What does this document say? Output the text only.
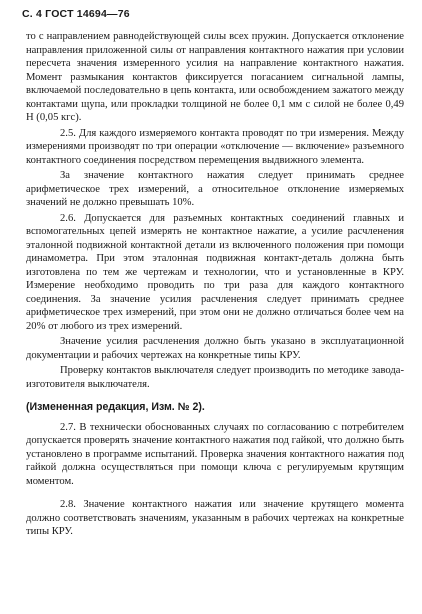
С. 4 ГОСТ 14694—76

то с направлением равнодействующей силы всех пружин. Допускается отклонение направления приложенной силы от направления контактного нажатия при условии пересчета значения измеренного усилия на направление контактного нажатия. Момент размыкания контактов фиксируется погасанием сигнальной лампы, включаемой последовательно в цепь контакта, или освобождением зажатого между контактами щупа, или прокладки толщиной не более 0,1 мм с силой не более 0,49 Н (0,05 кгс).

2.5. Для каждого измеряемого контакта проводят по три измерения. Между измерениями производят по три операции «отключение — включение» разъемного контактного соединения посредством перемещения выдвижного элемента.

За значение контактного нажатия следует принимать среднее арифметическое трех измерений, а относительное отклонение измеряемых значений не должно превышать 10%.

2.6. Допускается для разъемных контактных соединений главных и вспомогательных цепей измерять не контактное нажатие, а усилие расчленения эталонной подвижной контактной детали из включенного положения при помощи динамометра. При этом эталонная подвижная контакт-деталь должна быть изготовлена по тем же чертежам и технологии, что и установленные в КРУ. Измерение необходимо проводить по три раза для каждого контактного соединения. За значение усилия расчленения следует принимать среднее арифметическое трех измерений, при этом они не должно отличаться более чем на 20% от любого из трех измерений.

Значение усилия расчленения должно быть указано в эксплуатационной документации и рабочих чертежах на конкретные типы КРУ.

Проверку контактов выключателя следует производить по методике завода-изготовителя выключателя.

(Измененная редакция, Изм. № 2).

2.7. В технически обоснованных случаях по согласованию с потребителем допускается проверять значение контактного нажатия под гайкой, что должно быть установлено в программе испытаний. Проверка значения контактного нажатия под гайкой должна осуществляться при помощи ключа с регулируемым крутящим моментом.

2.8. Значение контактного нажатия или значение крутящего момента должно соответствовать значениям, указанным в рабочих чертежах на конкретные типы КРУ.
